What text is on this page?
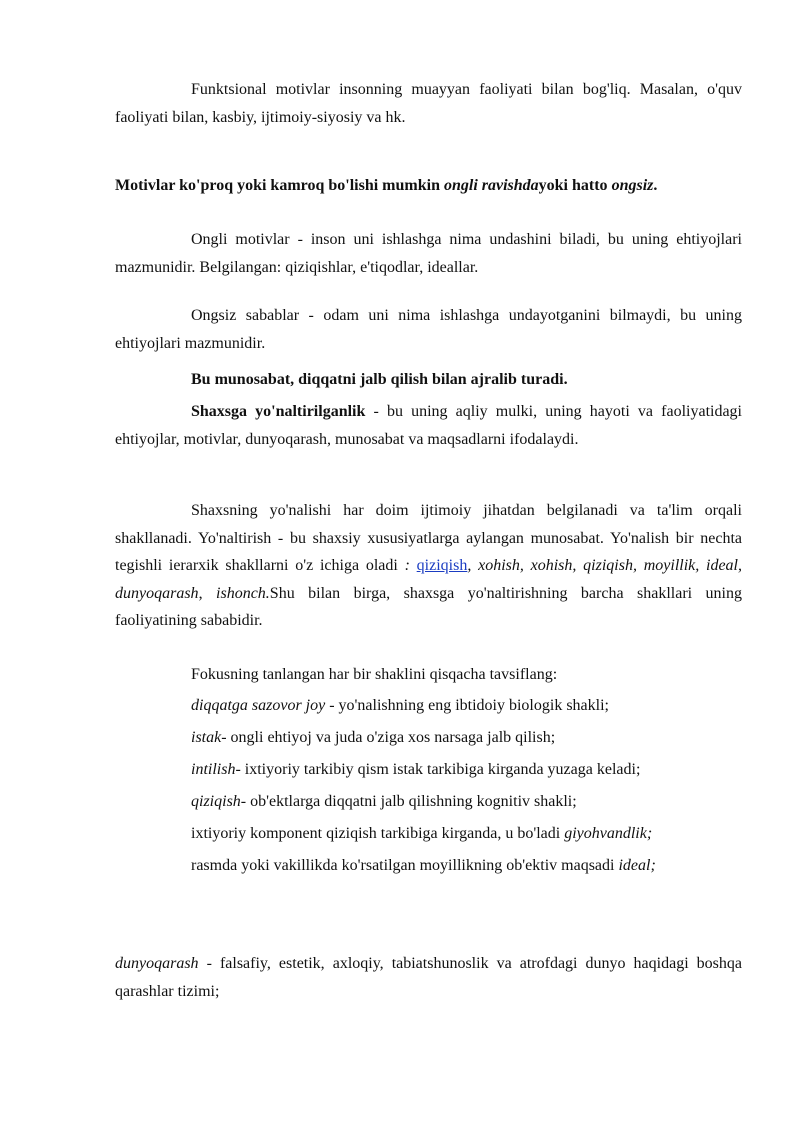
Funktsional motivlar insonning muayyan faoliyati bilan bog'liq. Masalan, o'quv faoliyati bilan, kasbiy, ijtimoiy-siyosiy va hk.

Motivlar ko'proq yoki kamroq bo'lishi mumkin ongli ravishdayoki hatto ongsiz.

Ongli motivlar - inson uni ishlashga nima undashini biladi, bu uning ehtiyojlari mazmunidir. Belgilangan: qiziqishlar, e'tiqodlar, ideallar.

Ongsiz sabablar - odam uni nima ishlashga undayotganini bilmaydi, bu uning ehtiyojlari mazmunidir.

Bu munosabat, diqqatni jalb qilish bilan ajralib turadi.

Shaxsga yo'naltirilganlik - bu uning aqliy mulki, uning hayoti va faoliyatidagi ehtiyojlar, motivlar, dunyoqarash, munosabat va maqsadlarni ifodalaydi.

Shaxsning yo'nalishi har doim ijtimoiy jihatdan belgilanadi va ta'lim orqali shakllanadi. Yo'naltirish - bu shaxsiy xususiyatlarga aylangan munosabat. Yo'nalish bir nechta tegishli ierarxik shakllarni o'z ichiga oladi : qiziqish, xohish, xohish, qiziqish, moyillik, ideal, dunyoqarash, ishonch.Shu bilan birga, shaxsga yo'naltirishning barcha shakllari uning faoliyatining sababidir.

Fokusning tanlangan har bir shaklini qisqacha tavsiflang:

diqqatga sazovor joy - yo'nalishning eng ibtidoiy biologik shakli;

istak- ongli ehtiyoj va juda o'ziga xos narsaga jalb qilish;

intilish- ixtiyoriy tarkibiy qism istak tarkibiga kirganda yuzaga keladi;

qiziqish- ob'ektlarga diqqatni jalb qilishning kognitiv shakli;

ixtiyoriy komponent qiziqish tarkibiga kirganda, u bo'ladi giyohvandlik;

rasmda yoki vakillikda ko'rsatilgan moyillikning ob'ektiv maqsadi ideal;

dunyoqarash - falsafiy, estetik, axloqiy, tabiatshunoslik va atrofdagi dunyo haqidagi boshqa qarashlar tizimi;
